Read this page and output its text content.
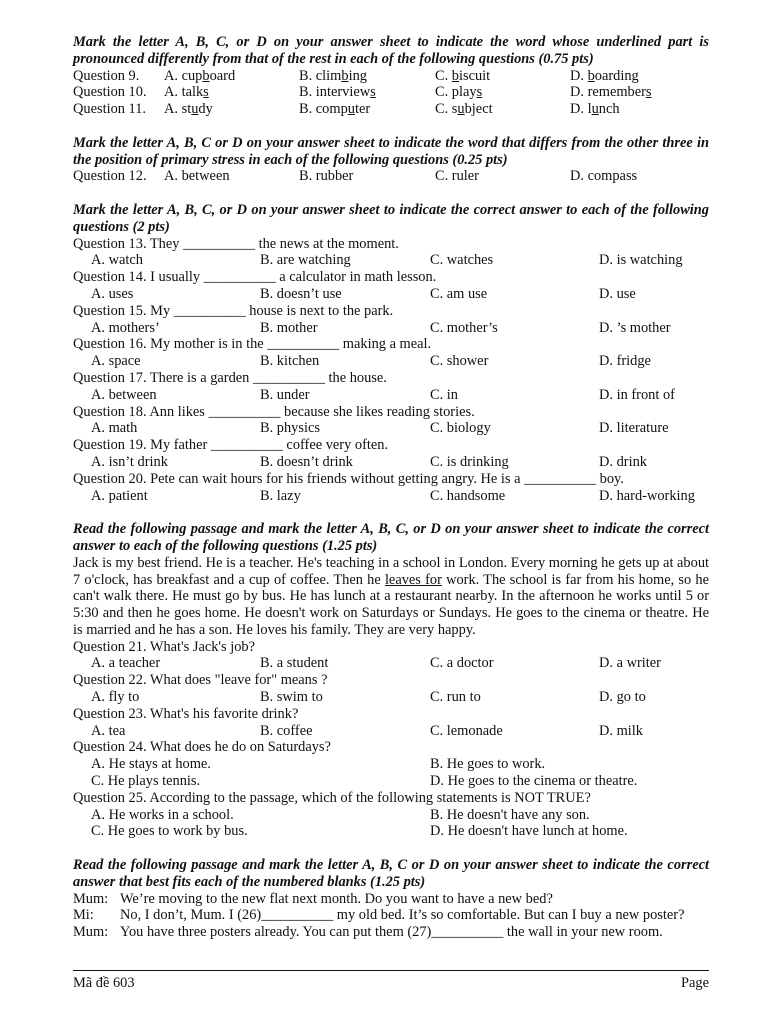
Mark the letter A, B, C, or D on your answer sheet to indicate the word whose underlined part is pronounced differently from that of the rest in each of the following questions (0.75 pts)

Question 9. A. cupboard	B. climbing	C. biscuit	D. boarding
Question 10. A. talks	B. interviews	C. plays	D. remembers
Question 11. A. study	B. computer	C. subject	D. lunch

Mark the letter A, B, C or D on your answer sheet to indicate the word that differs from the other three in the position of primary stress in each of the following questions (0.25 pts)

Question 12. A. between	B. rubber	C. ruler	D. compass

Mark the letter A, B, C, or D on your answer sheet to indicate the correct answer to each of the following questions (2 pts)

Question 13. They __________ the news at the moment.
A. watch	B. are watching	C. watches	D. is watching
Question 14. I usually __________ a calculator in math lesson.
A. uses	B. doesn’t use	C. am use	D. use
Question 15. My __________ house is next to the park.
A. mothers’	B. mother	C. mother’s	D. ’s mother
Question 16. My mother is in the __________ making a meal.
A. space	B. kitchen	C. shower	D. fridge
Question 17. There is a garden __________ the house.
A. between	B. under	C. in	D. in front of
Question 18. Ann likes __________ because she likes reading stories.
A. math	B. physics	C. biology	D. literature
Question 19. My father __________ coffee very often.
A. isn’t drink	B. doesn’t drink	C. is drinking	D. drink
Question 20. Pete can wait hours for his friends without getting angry. He is a __________ boy.
A. patient	B. lazy	C. handsome	D. hard-working

Read the following passage and mark the letter A, B, C, or D on your answer sheet to indicate the correct answer to each of the following questions (1.25 pts)

Jack is my best friend. He is a teacher. He's teaching in a school in London. Every morning he gets up at about 7 o'clock, has breakfast and a cup of coffee. Then he leaves for work. The school is far from his home, so he can't walk there. He must go by bus. He has lunch at a restaurant nearby. In the afternoon he works until 5 or 5:30 and then he goes home. He doesn't work on Saturdays or Sundays. He goes to the cinema or theatre. He is married and he has a son. He loves his family. They are very happy.

Question 21. What's Jack's job?
A. a teacher	B. a student	C. a doctor	D. a writer
Question 22. What does "leave for" means ?
A. fly to	B. swim to	C. run to	D. go to
Question 23. What's his favorite drink?
A. tea	B. coffee	C. lemonade	D. milk
Question 24. What does he do on Saturdays?
A. He stays at home.	B. He goes to work.
C. He plays tennis.	D. He goes to the cinema or theatre.
Question 25. According to the passage, which of the following statements is NOT TRUE?
A. He works in a school.	B. He doesn't have any son.
C. He goes to work by bus.	D. He doesn't have lunch at home.

Read the following passage and mark the letter A, B, C or D on your answer sheet to indicate the correct answer that best fits each of the numbered blanks (1.25 pts)

Mum: We’re moving to the new flat next month. Do you want to have a new bed?
Mi: No, I don’t, Mum. I (26)__________ my old bed. It’s so comfortable. But can I buy a new poster?
Mum: You have three posters already. You can put them (27)__________ the wall in your new room.
Mã đề 603	Page
